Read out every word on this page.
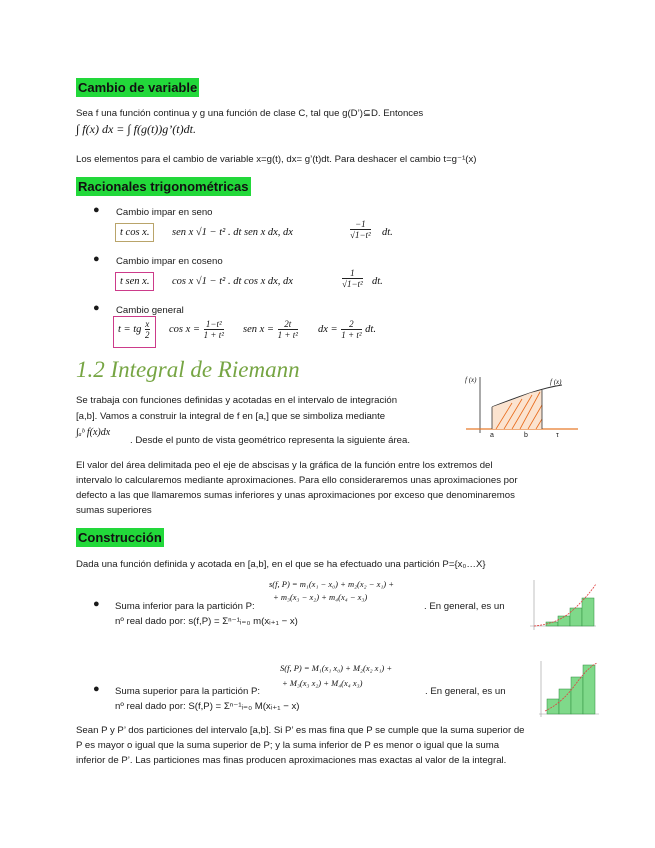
Cambio de variable
Sea f una función continua y g una función de clase C, tal que g(D’)⊆D. Entonces
∫ f(x) dx = ∫ f(g(t))g’(t)dt.
Los elementos para el cambio de variable x=g(t), dx= g’(t)dt. Para deshacer el cambio t=g⁻¹(x)
Racionales trigonométricas
● Cambio impar en seno
t cos x.	sen x √1 − t² . dt sen x dx, dx	$\frac{-1}{\text{√1−t²}}$ dt.
● Cambio impar en coseno
t sen x.	cos x √1 − t² . dt cos x dx, dx	$\frac{1}{\text{√1−t²}}$ dt.
● Cambio general
t = tg $\frac{x}{2}$ $\cos x = \frac{\text{1−t²}}{\text{1 + t²}}$ sen $x = \frac{2t}{\text{1 + t²}}$ dx = $\frac{2}{\text{1 + t²}}$ dt.
1.2 Integral de Riemann
Se trabaja con funciones definidas y acotadas en el intervalo de integración
[a,b]. Vamos a construir la integral de f en [a,] que se simboliza mediante
∫ₐᵇ f(x)dx
. Desde el punto de vista geométrico representa la siguiente área.
f (x)	f (x)
a	b	τ
El valor del área delimitada peo el eje de abscisas y la gráfica de la función entre los extremos del
intervalo lo calcularemos mediante aproximaciones. Para ello consideraremos unas aproximaciones por
defecto a las que llamaremos sumas inferiores y unas aproximaciones por exceso que denominaremos
sumas superiores
Construcción
Dada una función definida y acotada en [a,b], en el que se ha efectuado una partición P={x₀…X}
s(f, P) = m₁(x₁ − x₀) + m₂(x₂ − x₁) +
+ m₃(x₃ − x₂) + m₄(x₄ − x₃)
● Suma inferior para la partición P:	. En general, es un
nº real dado por: s(f,P) = Σⁿ⁻¹ᵢ₌₀ m(xᵢ₊₁ − x)
S(f, P) = M₁(x₁ x₀) + M₂(x₂ x₁) +
+ M₃(x₃ x₂) + M₄(x₄ x₃)
● Suma superior para la partición P:	. En general, es un
nº real dado por: S(f,P) = Σⁿ⁻¹ᵢ₌₀ M(xᵢ₊₁ − x)
Sean P y P’ dos particiones del intervalo [a,b]. Si P’ es mas fina que P se cumple que la suma superior de
P es mayor o igual que la suma superior de P; y la suma inferior de P es menor o igual que la suma
inferior de P’. Las particiones mas finas producen aproximaciones mas exactas al valor de la integral.
